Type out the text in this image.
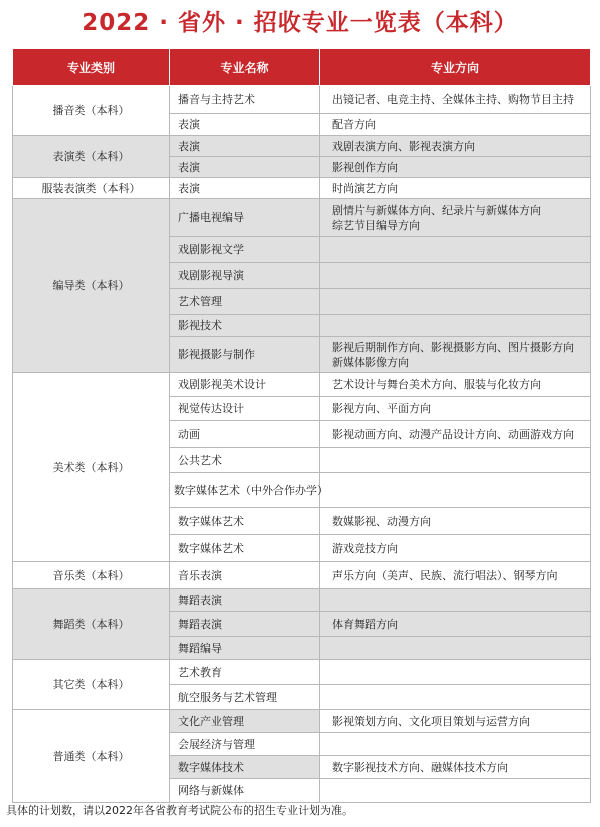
2022 · 省外 · 招收专业一览表（本科）
专业类别	专业名称	专业方向
播音类（本科）	播音与主持艺术	出镜记者、电竞主持、全媒体主持、购物节目主持
	表演	配音方向
表演类（本科）	表演	戏剧表演方向、影视表演方向
	表演	影视创作方向
服装表演类（本科）	表演	时尚演艺方向
编导类（本科）	广播电视编导	剧情片与新媒体方向、纪录片与新媒体方向
综艺节目编导方向

	戏剧影视文学	
	戏剧影视导演	
	艺术管理	
	影视技术	
	影视摄影与制作	影视后期制作方向、影视摄影方向、图片摄影方向
新媒体影像方向

美术类（本科）	戏剧影视美术设计	艺术设计与舞台美术方向、服装与化妆方向
	视觉传达设计	影视方向、平面方向
	动画	影视动画方向、动漫产品设计方向、动画游戏方向
	公共艺术	
	数字媒体艺术（中外合作办学）	
	数字媒体艺术	数媒影视、动漫方向
	数字媒体艺术	游戏竞技方向
音乐类（本科）	音乐表演	声乐方向（美声、民族、流行唱法）、钢琴方向
舞蹈类（本科）	舞蹈表演	
	舞蹈表演	体育舞蹈方向
	舞蹈编导	
其它类（本科）	艺术教育	
	航空服务与艺术管理	
普通类（本科）	文化产业管理	影视策划方向、文化项目策划与运营方向
	会展经济与管理	
	数字媒体技术	数字影视技术方向、融媒体技术方向
	网络与新媒体	
具体的计划数，请以2022年各省教育考试院公布的招生专业计划为准。
